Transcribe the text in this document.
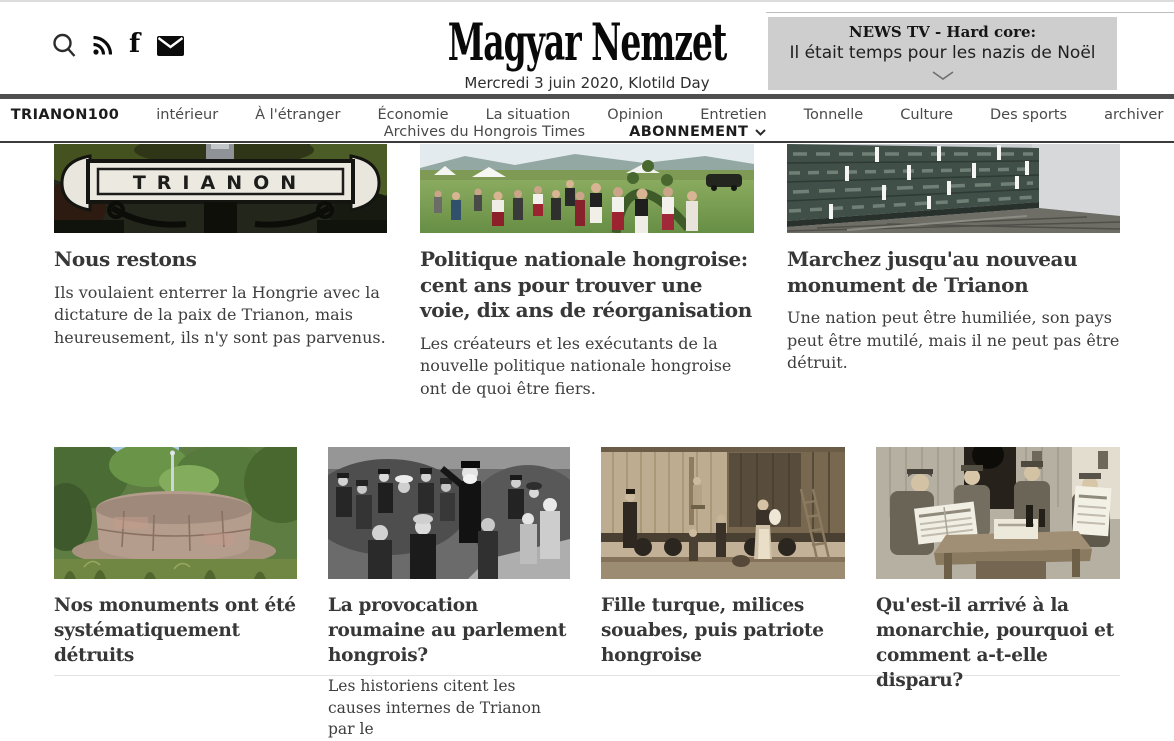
f	Magyar Nemzet
Mercredi 3 juin 2020, Klotild Day
NEWS TV - Hard core:
Il était temps pour les nazis de Noël
TRIANON100	intérieur	À l'étranger	Économie	La situation	Opinion	Entretien	Tonnelle	Culture	Des sports	archiver
Archives du Hongrois Times	ABONNEMENT
TRIANON
Nous restons
Ils voulaient enterrer la Hongrie avec la dictature de la paix de Trianon, mais heureusement, ils n'y sont pas parvenus.
Politique nationale hongroise: cent ans pour trouver une voie, dix ans de réorganisation
Les créateurs et les exécutants de la nouvelle politique nationale hongroise ont de quoi être fiers.
Marchez jusqu'au nouveau monument de Trianon
Une nation peut être humiliée, son pays peut être mutilé, mais il ne peut pas être détruit.
Nos monuments ont été systématiquement détruits
La provocation roumaine au parlement hongrois?
Les historiens citent les causes internes de Trianon par le
Fille turque, milices souabes, puis patriote hongroise
Qu'est-il arrivé à la monarchie, pourquoi et comment a-t-elle disparu?
